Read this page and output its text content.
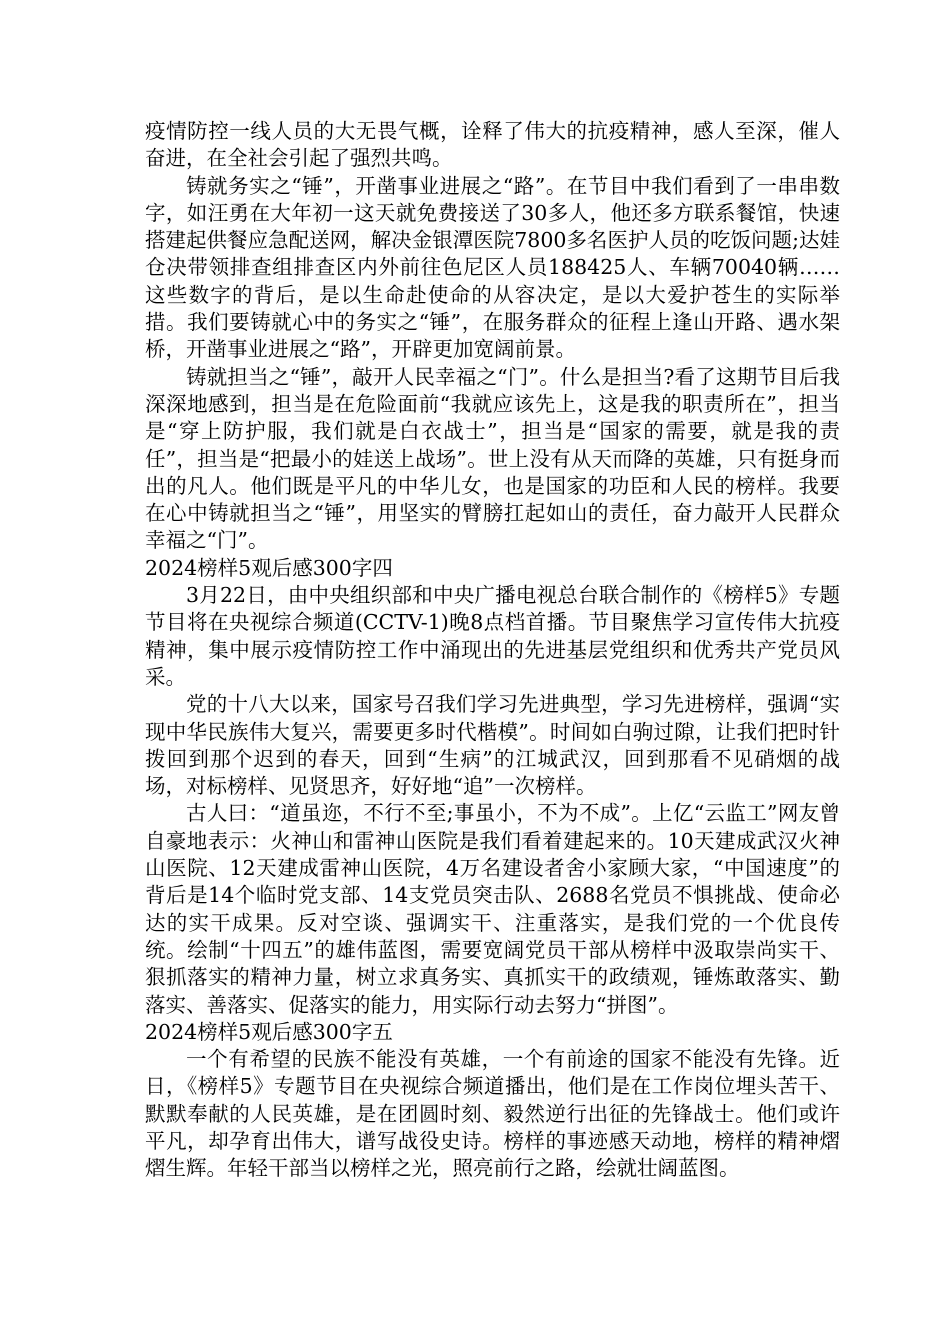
疫情防控一线人员的大无畏气概，诠释了伟大的抗疫精神，感人至深，催人奋进，在全社会引起了强烈共鸣。

铸就务实之“锤”，开凿事业进展之“路”。在节目中我们看到了一串串数字，如汪勇在大年初一这天就免费接送了30多人，他还多方联系餐馆，快速搭建起供餐应急配送网，解决金银潭医院7800多名医护人员的吃饭问题;达娃仓决带领排查组排查区内外前往色尼区人员188425人、车辆70040辆……这些数字的背后，是以生命赴使命的从容决定，是以大爱护苍生的实际举措。我们要铸就心中的务实之“锤”，在服务群众的征程上逢山开路、遇水架桥，开凿事业进展之“路”，开辟更加宽阔前景。

铸就担当之“锤”，敲开人民幸福之“门”。什么是担当?看了这期节目后我深深地感到，担当是在危险面前“我就应该先上，这是我的职责所在”，担当是“穿上防护服，我们就是白衣战士”，担当是“国家的需要，就是我的责任”，担当是“把最小的娃送上战场”。世上没有从天而降的英雄，只有挺身而出的凡人。他们既是平凡的中华儿女，也是国家的功臣和人民的榜样。我要在心中铸就担当之“锤”，用坚实的臂膀扛起如山的责任，奋力敲开人民群众幸福之“门”。

2024榜样5观后感300字四

3月22日，由中央组织部和中央广播电视总台联合制作的《榜样5》专题节目将在央视综合频道(CCTV-1)晚8点档首播。节目聚焦学习宣传伟大抗疫精神，集中展示疫情防控工作中涌现出的先进基层党组织和优秀共产党员风采。

党的十八大以来，国家号召我们学习先进典型，学习先进榜样，强调“实现中华民族伟大复兴，需要更多时代楷模”。时间如白驹过隙，让我们把时针拨回到那个迟到的春天，回到“生病”的江城武汉，回到那看不见硝烟的战场，对标榜样、见贤思齐，好好地“追”一次榜样。

古人曰：“道虽迩，不行不至;事虽小，不为不成”。上亿“云监工”网友曾自豪地表示：火神山和雷神山医院是我们看着建起来的。10天建成武汉火神山医院、12天建成雷神山医院，4万名建设者舍小家顾大家，“中国速度”的背后是14个临时党支部、14支党员突击队、2688名党员不惧挑战、使命必达的实干成果。反对空谈、强调实干、注重落实，是我们党的一个优良传统。绘制“十四五”的雄伟蓝图，需要宽阔党员干部从榜样中汲取崇尚实干、狠抓落实的精神力量，树立求真务实、真抓实干的政绩观，锤炼敢落实、勤落实、善落实、促落实的能力，用实际行动去努力“拼图”。

2024榜样5观后感300字五

一个有希望的民族不能没有英雄，一个有前途的国家不能没有先锋。近日，《榜样5》专题节目在央视综合频道播出，他们是在工作岗位埋头苦干、默默奉献的人民英雄，是在团圆时刻、毅然逆行出征的先锋战士。他们或许平凡，却孕育出伟大，谱写战役史诗。榜样的事迹感天动地，榜样的精神熠熠生辉。年轻干部当以榜样之光，照亮前行之路，绘就壮阔蓝图。
